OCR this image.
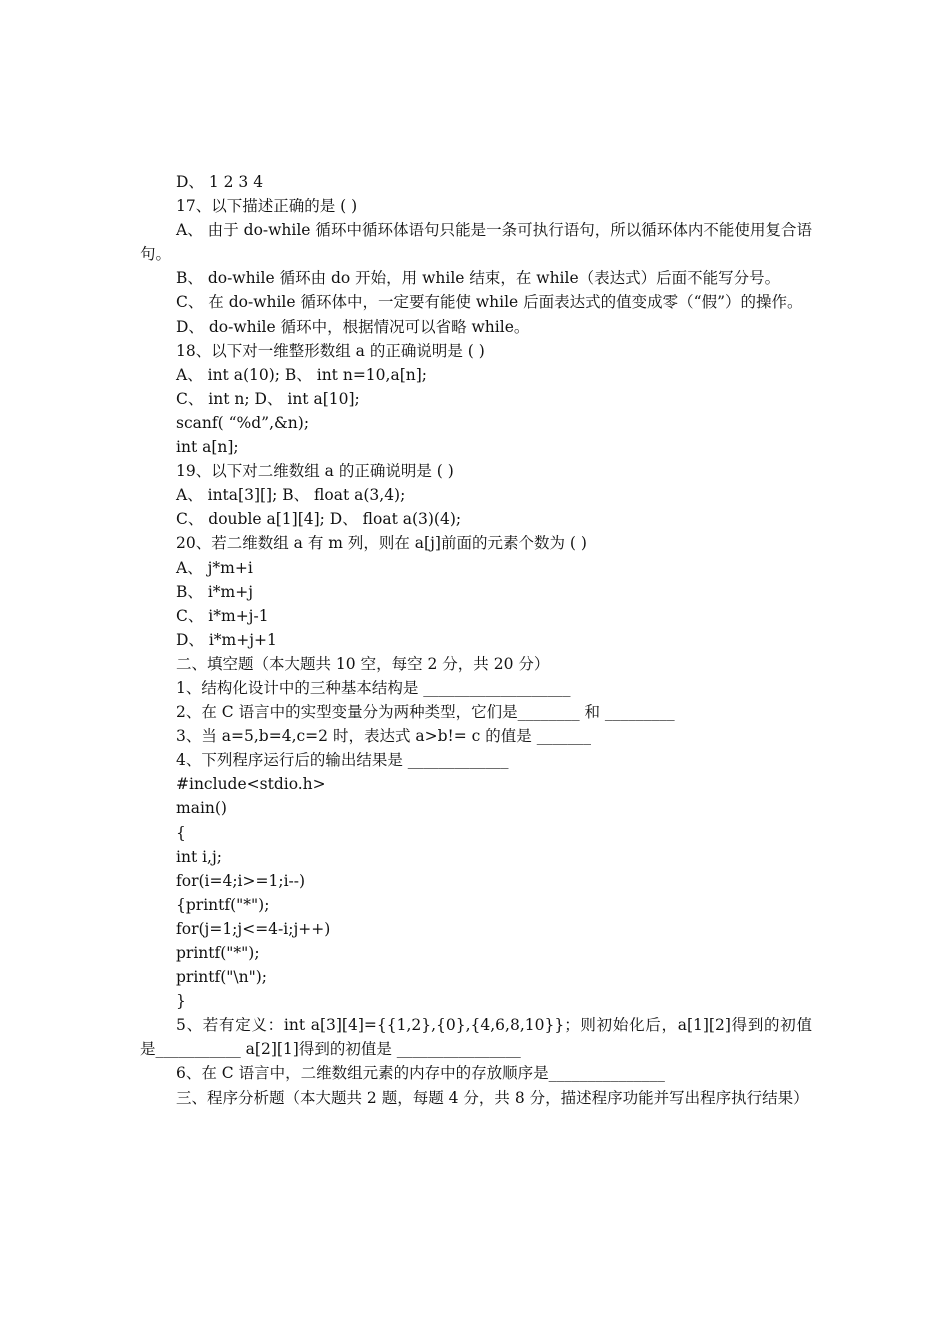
D、 1 2 3 4
17、以下描述正确的是 ( )
A、 由于 do-while 循环中循环体语句只能是一条可执行语句，所以循环体内不能使用复合语句。
B、 do-while 循环由 do 开始，用 while 结束，在 while（表达式）后面不能写分号。
C、 在 do-while 循环体中，一定要有能使 while 后面表达式的值变成零（“假”）的操作。
D、 do-while 循环中，根据情况可以省略 while。
18、以下对一维整形数组 a 的正确说明是 ( )
A、 int a(10); B、 int n=10,a[n];
C、 int n; D、 int a[10];
scanf( “%d”,&n);
int a[n];
19、以下对二维数组 a 的正确说明是 ( )
A、 inta[3][]; B、 float a(3,4);
C、 double a[1][4]; D、 float a(3)(4);
20、若二维数组 a 有 m 列，则在 a[j]前面的元素个数为 ( )
A、 j*m+i
B、 i*m+j
C、 i*m+j-1
D、 i*m+j+1
二、填空题（本大题共 10 空，每空 2 分，共 20 分）
1、结构化设计中的三种基本结构是 ___________________
2、在 C 语言中的实型变量分为两种类型，它们是________ 和 _________
3、当 a=5,b=4,c=2 时，表达式 a>b!= c 的值是 _______
4、下列程序运行后的输出结果是 _____________
#include<stdio.h>
main()
{
int i,j;
for(i=4;i>=1;i--)
{printf("*");
for(j=1;j<=4-i;j++)
printf("*");
printf("\n");
}
5、若有定义：int a[3][4]={{1,2},{0},{4,6,8,10}}；则初始化后，a[1][2]得到的初值是___________ a[2][1]得到的初值是 ________________
6、在 C 语言中，二维数组元素的内存中的存放顺序是_______________
三、程序分析题（本大题共 2 题，每题 4 分，共 8 分，描述程序功能并写出程序执行结果）
